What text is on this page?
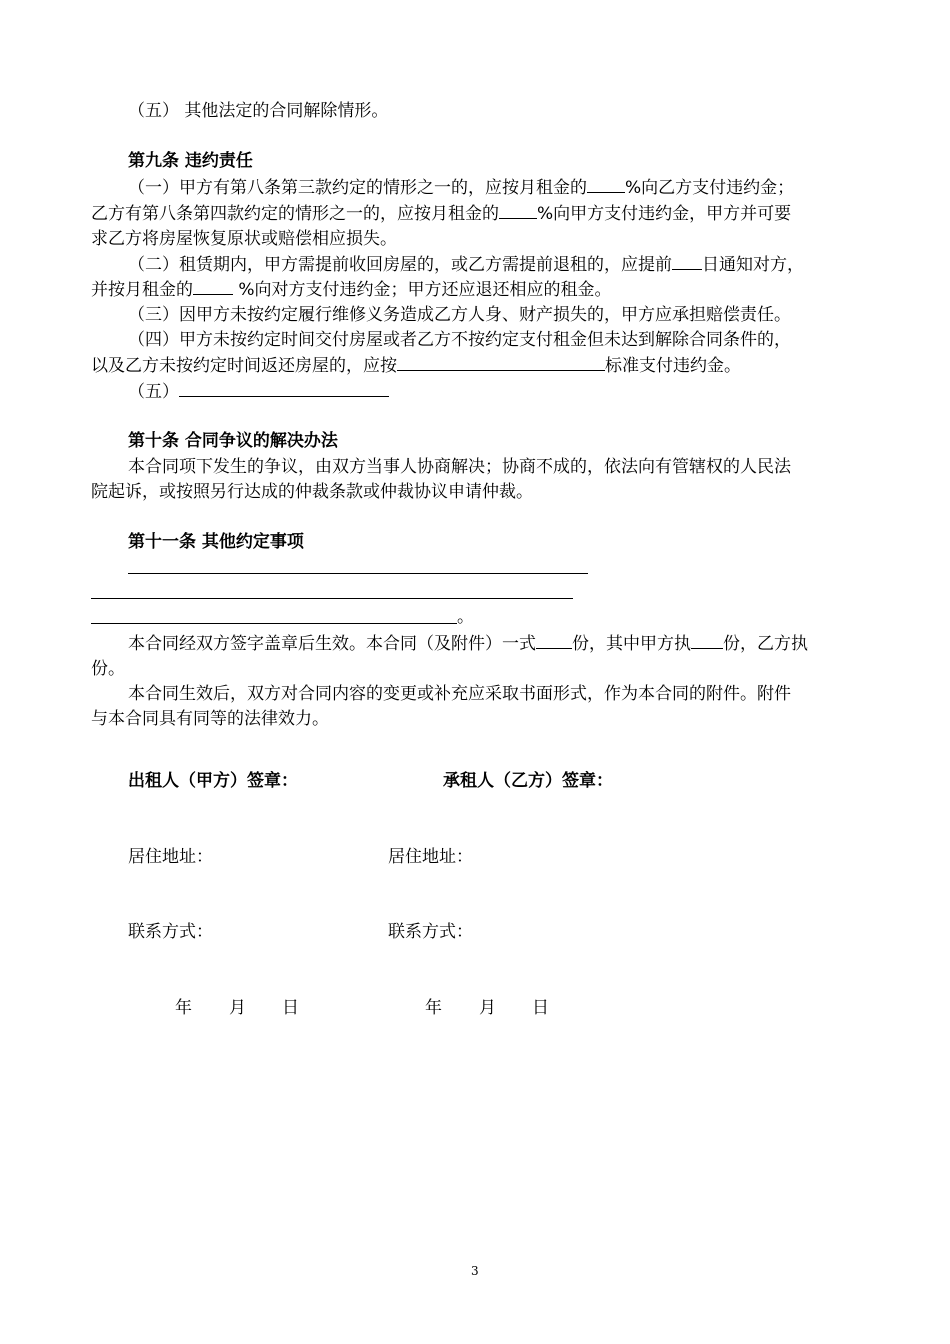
（五） 其他法定的合同解除情形。
第九条 违约责任
（一）甲方有第八条第三款约定的情形之一的，应按月租金的 %向乙方支付违约金；
乙方有第八条第四款约定的情形之一的，应按月租金的 %向甲方支付违约金，甲方并可要
求乙方将房屋恢复原状或赔偿相应损失。
（二）租赁期内，甲方需提前收回房屋的，或乙方需提前退租的，应提前 日通知对方，
并按月租金的 %向对方支付违约金；甲方还应退还相应的租金。
（三）因甲方未按约定履行维修义务造成乙方人身、财产损失的，甲方应承担赔偿责任。
（四）甲方未按约定时间交付房屋或者乙方不按约定支付租金但未达到解除合同条件的，
以及乙方未按约定时间返还房屋的，应按	标准支付违约金。
（五）
第十条 合同争议的解决办法
本合同项下发生的争议，由双方当事人协商解决；协商不成的，依法向有管辖权的人民法
院起诉，或按照另行达成的仲裁条款或仲裁协议申请仲裁。
第十一条 其他约定事项
。
本合同经双方签字盖章后生效。本合同（及附件）一式 份，其中甲方执 份，乙方执
份。
本合同生效后，双方对合同内容的变更或补充应采取书面形式，作为本合同的附件。附件
与本合同具有同等的法律效力。
出租人（甲方）签章：	承租人（乙方）签章：
居住地址：	居住地址：
联系方式：	联系方式：
年 月 日	年 月 日
3
